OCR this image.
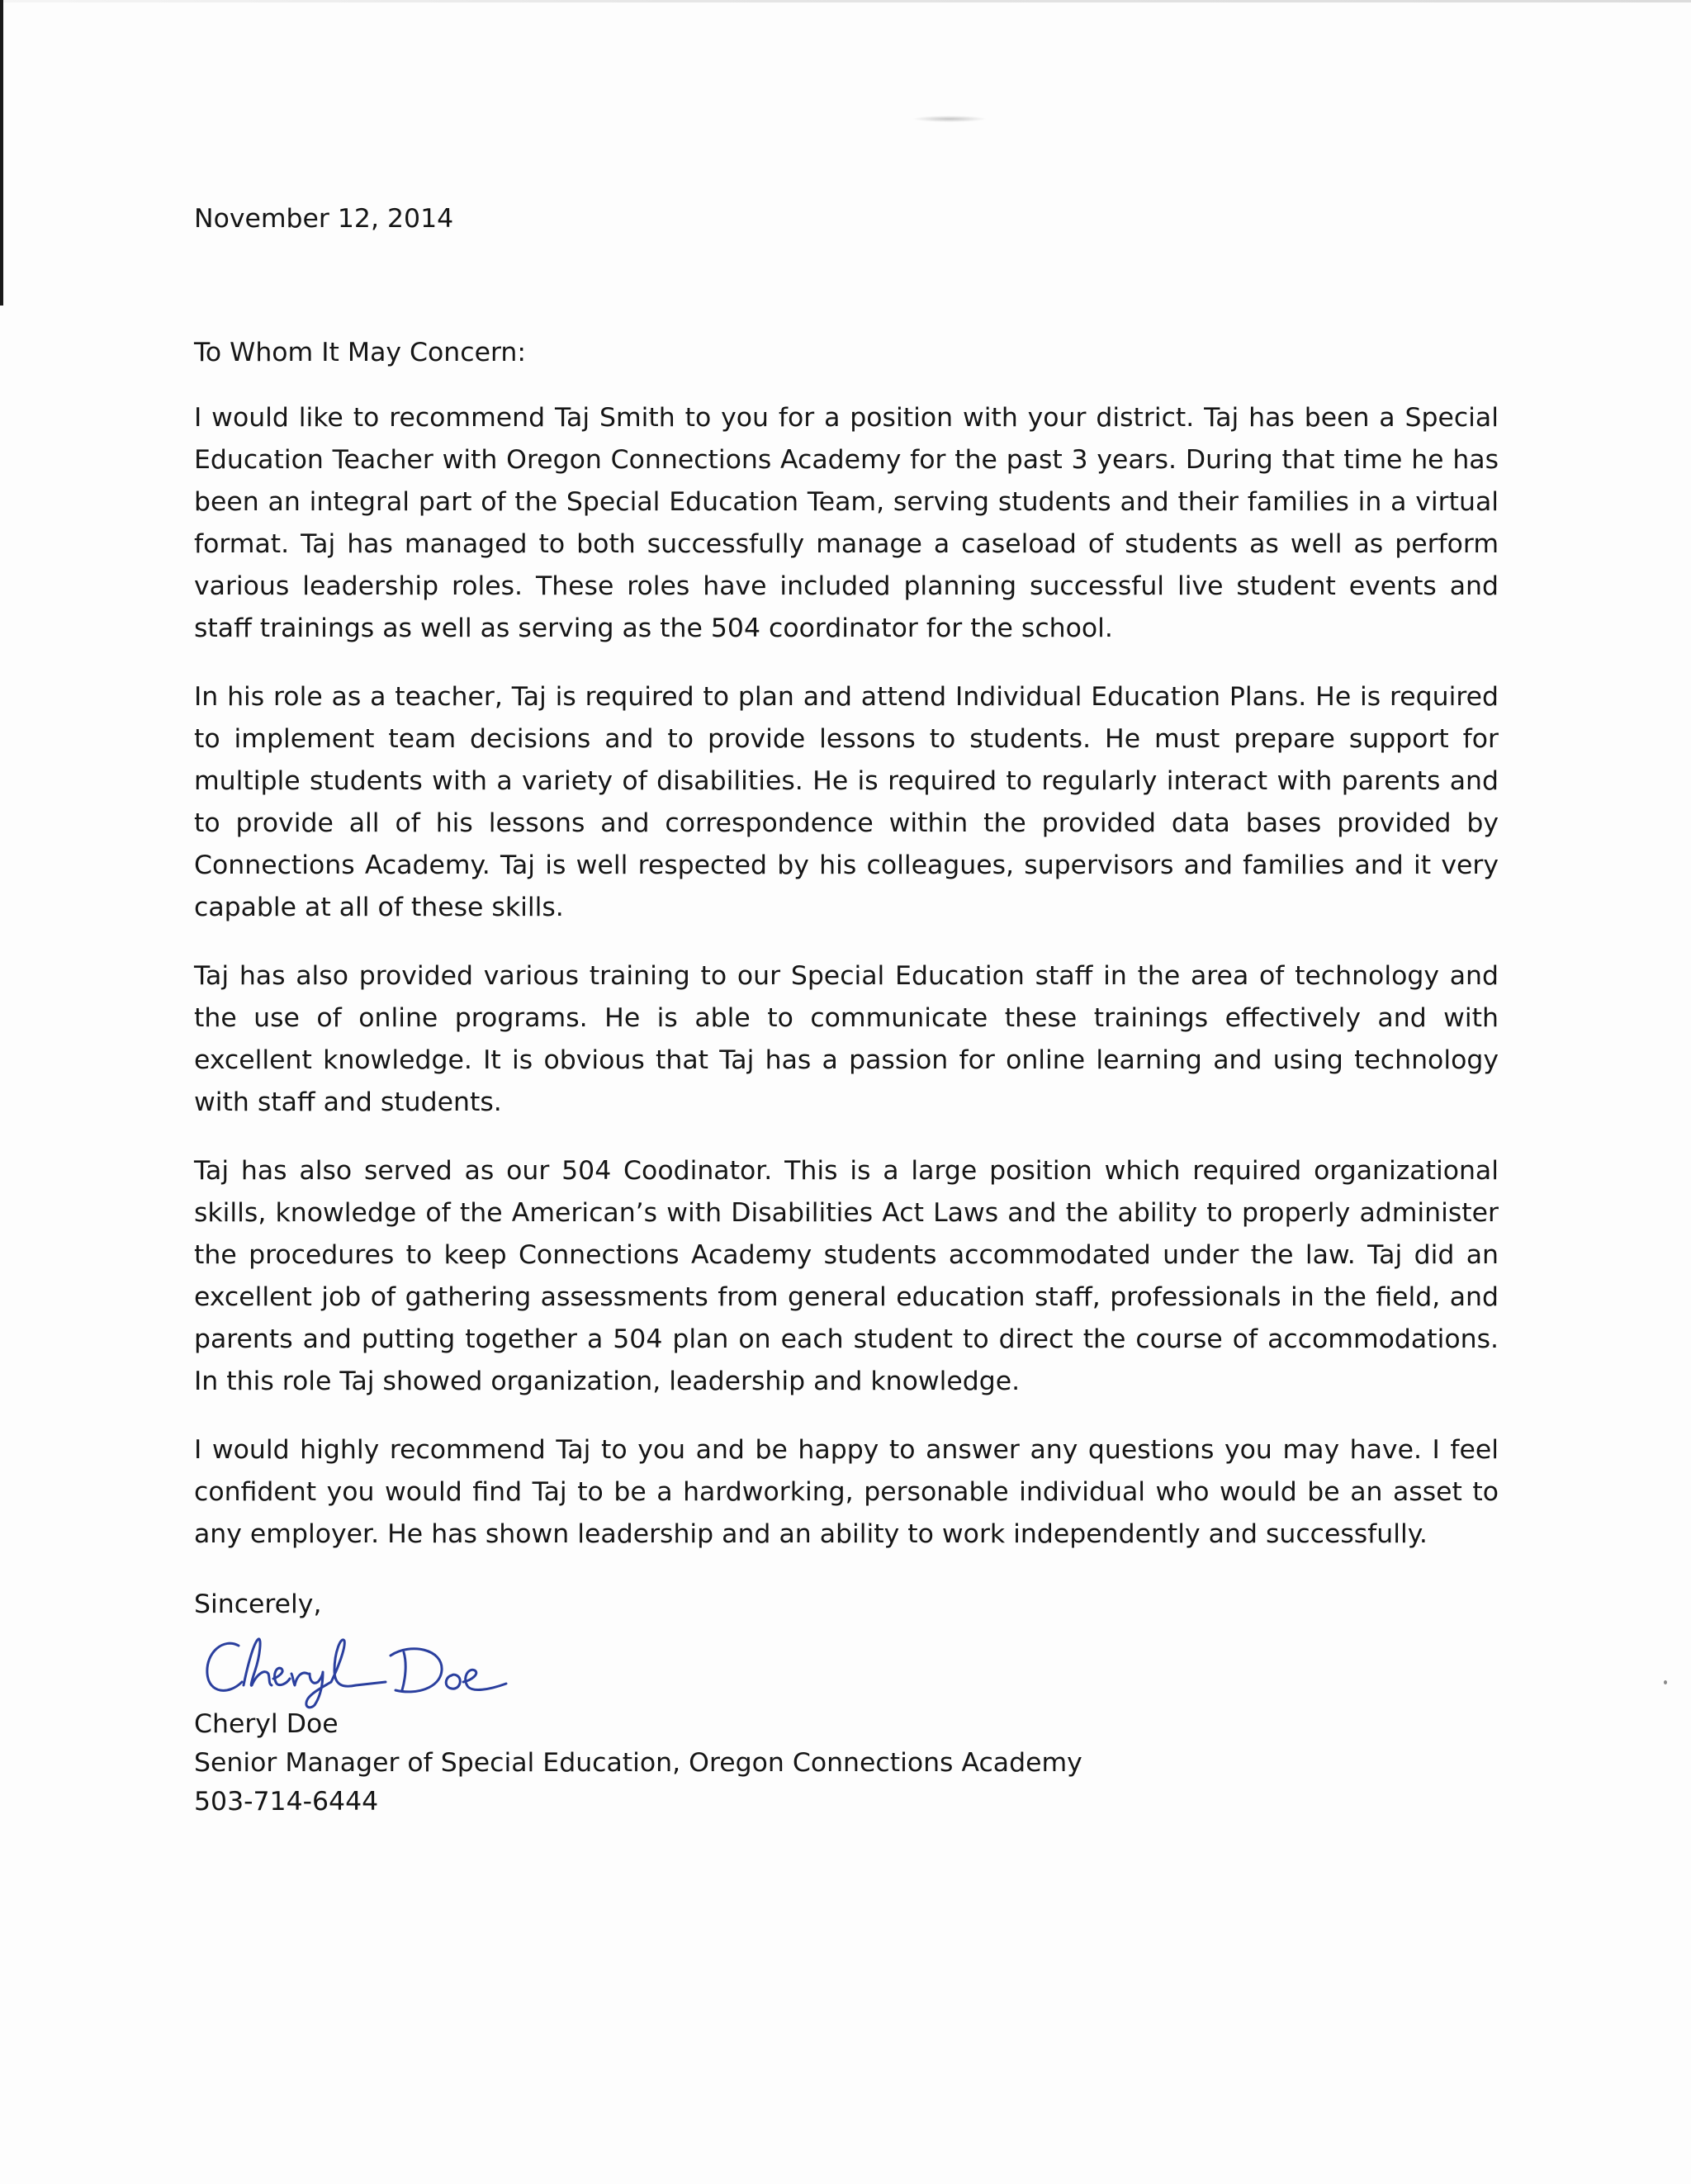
November 12, 2014

To Whom It May Concern:

I would like to recommend Taj Smith to you for a position with your district. Taj has been a Special Education Teacher with Oregon Connections Academy for the past 3 years. During that time he has been an integral part of the Special Education Team, serving students and their families in a virtual format. Taj has managed to both successfully manage a caseload of students as well as perform various leadership roles. These roles have included planning successful live student events and staff trainings as well as serving as the 504 coordinator for the school.

In his role as a teacher, Taj is required to plan and attend Individual Education Plans. He is required to implement team decisions and to provide lessons to students. He must prepare support for multiple students with a variety of disabilities. He is required to regularly interact with parents and to provide all of his lessons and correspondence within the provided data bases provided by Connections Academy. Taj is well respected by his colleagues, supervisors and families and it very capable at all of these skills.

Taj has also provided various training to our Special Education staff in the area of technology and the use of online programs. He is able to communicate these trainings effectively and with excellent knowledge. It is obvious that Taj has a passion for online learning and using technology with staff and students.

Taj has also served as our 504 Coodinator. This is a large position which required organizational skills, knowledge of the American’s with Disabilities Act Laws and the ability to properly administer the procedures to keep Connections Academy students accommodated under the law. Taj did an excellent job of gathering assessments from general education staff, professionals in the field, and parents and putting together a 504 plan on each student to direct the course of accommodations. In this role Taj showed organization, leadership and knowledge.

I would highly recommend Taj to you and be happy to answer any questions you may have. I feel confident you would find Taj to be a hardworking, personable individual who would be an asset to any employer. He has shown leadership and an ability to work independently and successfully.

Sincerely,

Cheryl Doe

Senior Manager of Special Education, Oregon Connections Academy

503-714-6444
